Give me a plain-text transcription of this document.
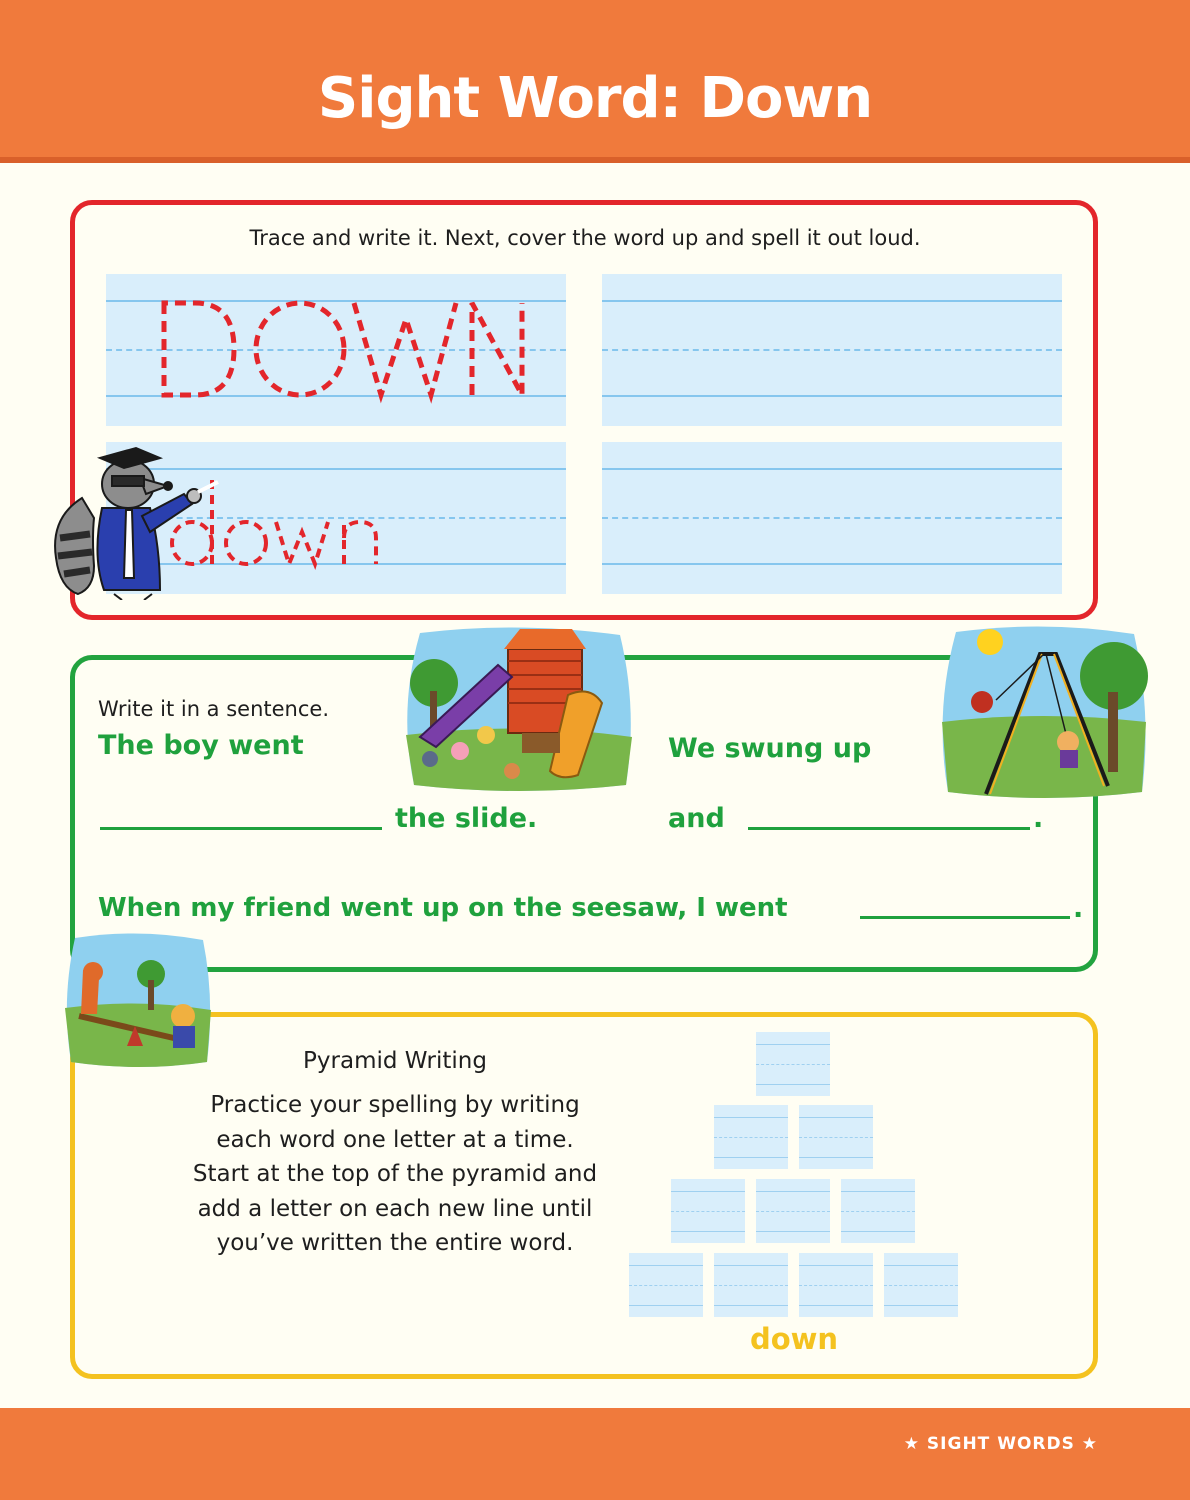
Sight Word: Down
Trace and write it. Next, cover the word up and spell it out loud.
Write it in a sentence.
The boy went
the slide.
We swung up
and	.
When my friend went up on the seesaw, I went	.
Pyramid Writing
Practice your spelling by writing each word one letter at a time. Start at the top of the pyramid and add a letter on each new line until you’ve written the entire word.
down
★ SIGHT WORDS ★
